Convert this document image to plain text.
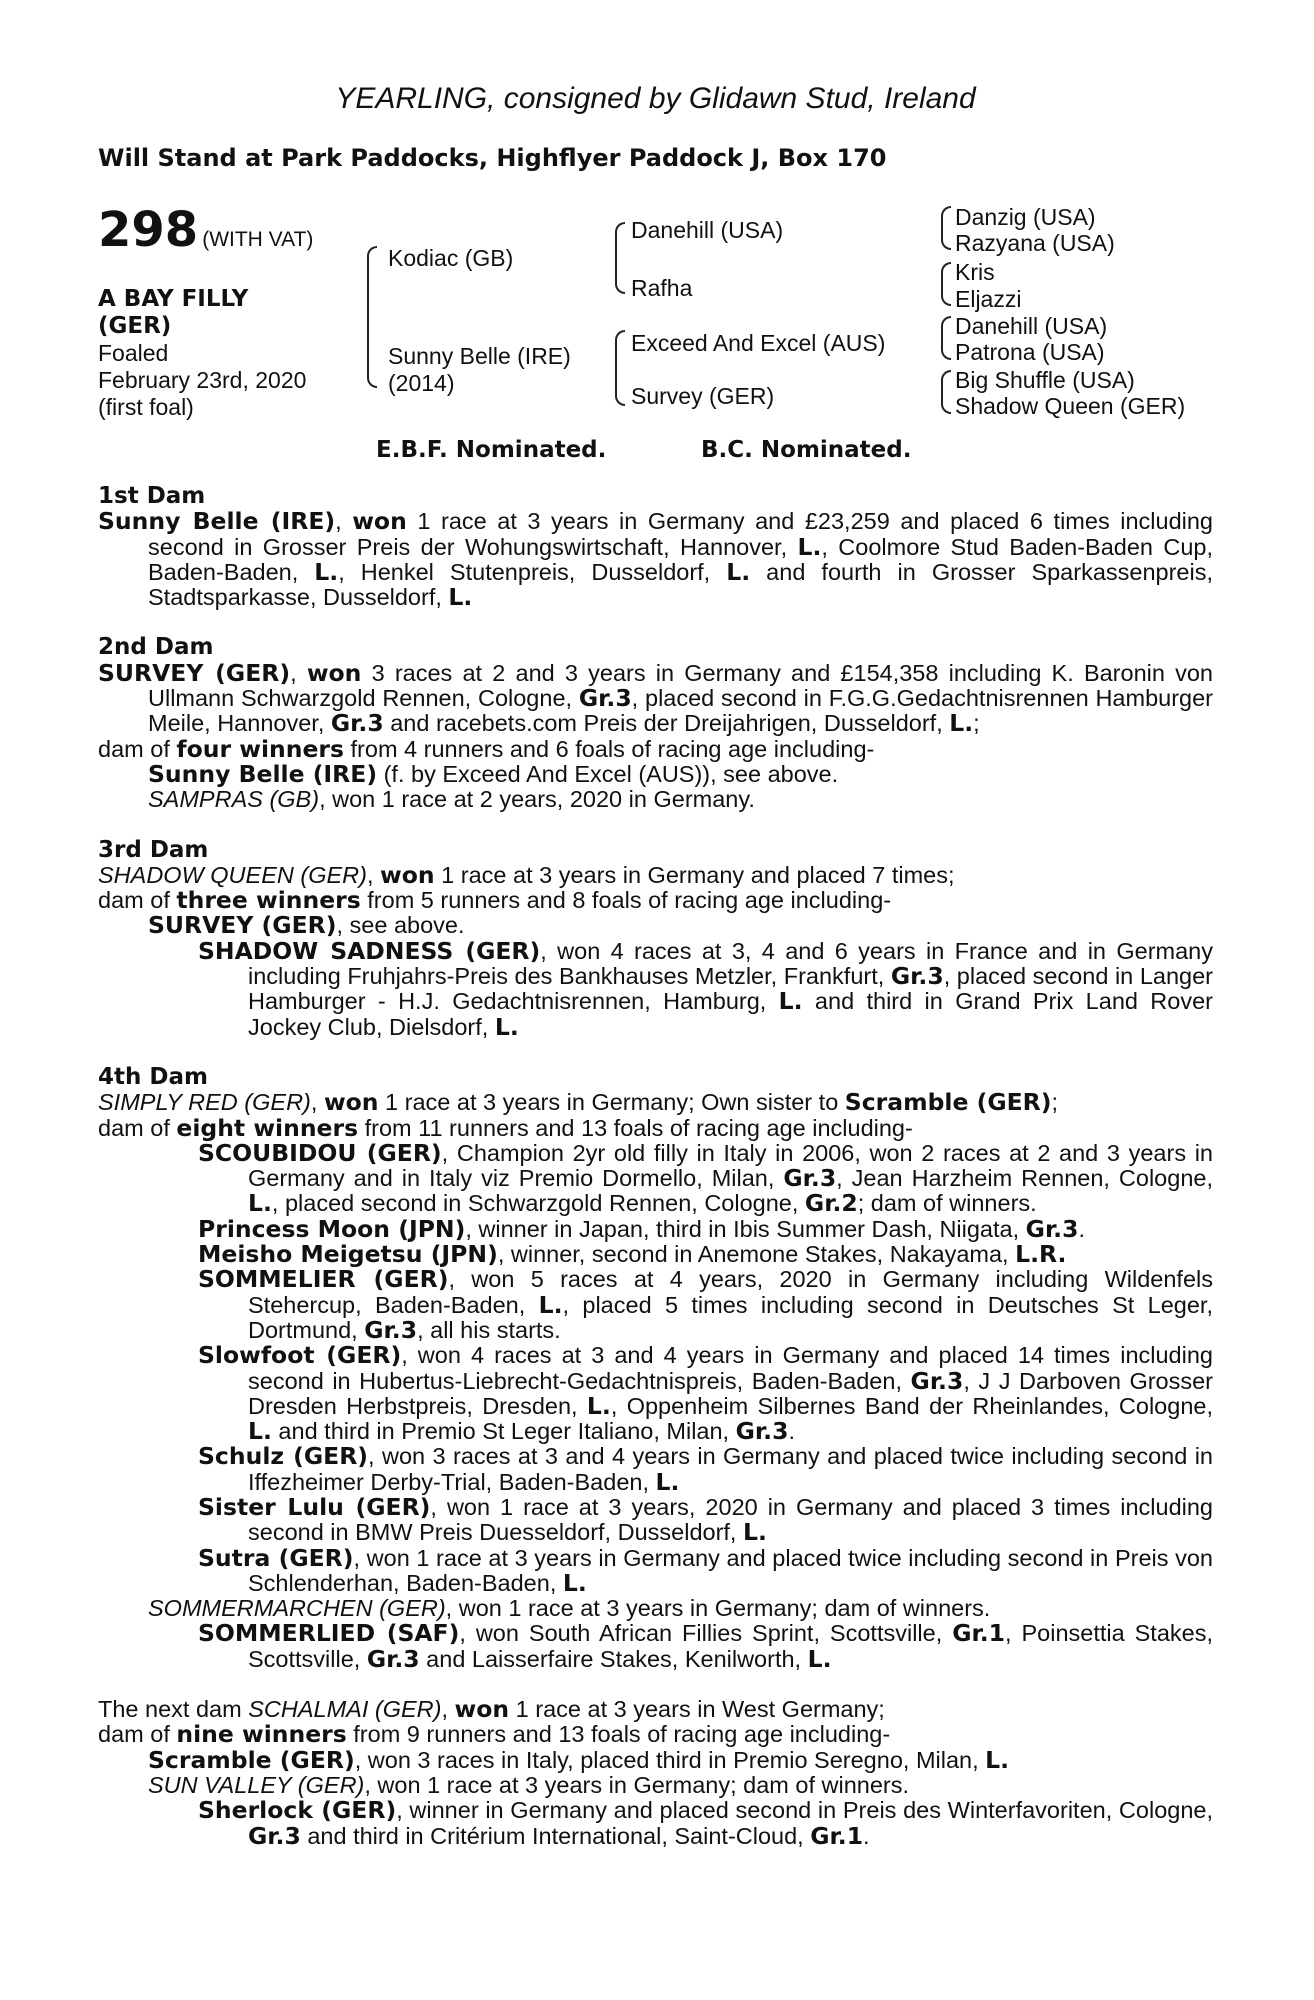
YEARLING, consigned by Glidawn Stud, Ireland
Will Stand at Park Paddocks, Highflyer Paddock J, Box 170
298 (WITH VAT)
A BAY FILLY
(GER)
Foaled
February 23rd, 2020
(first foal)
Kodiac (GB)
Sunny Belle (IRE)
(2014)
Danehill (USA)
Rafha
Exceed And Excel (AUS)
Survey (GER)
Danzig (USA)
Razyana (USA)
Kris
Eljazzi
Danehill (USA)
Patrona (USA)
Big Shuffle (USA)
Shadow Queen (GER)
E.B.F. Nominated.	B.C. Nominated.
1st Dam

Sunny Belle (IRE), won 1 race at 3 years in Germany and £23,259 and placed 6 times including second in Grosser Preis der Wohungswirtschaft, Hannover, L., Coolmore Stud Baden-Baden Cup, Baden-Baden, L., Henkel Stutenpreis, Dusseldorf, L. and fourth in Grosser Sparkassenpreis, Stadtsparkasse, Dusseldorf, L.

2nd Dam

SURVEY (GER), won 3 races at 2 and 3 years in Germany and £154,358 including K. Baronin von Ullmann Schwarzgold Rennen, Cologne, Gr.3, placed second in F.G.G.Gedachtnisrennen Hamburger Meile, Hannover, Gr.3 and racebets.com Preis der Dreijahrigen, Dusseldorf, L.;

dam of four winners from 4 runners and 6 foals of racing age including-

Sunny Belle (IRE) (f. by Exceed And Excel (AUS)), see above.

SAMPRAS (GB), won 1 race at 2 years, 2020 in Germany.

3rd Dam

SHADOW QUEEN (GER), won 1 race at 3 years in Germany and placed 7 times;

dam of three winners from 5 runners and 8 foals of racing age including-

SURVEY (GER), see above.

SHADOW SADNESS (GER), won 4 races at 3, 4 and 6 years in France and in Germany including Fruhjahrs-Preis des Bankhauses Metzler, Frankfurt, Gr.3, placed second in Langer Hamburger - H.J. Gedachtnisrennen, Hamburg, L. and third in Grand Prix Land Rover Jockey Club, Dielsdorf, L.

4th Dam

SIMPLY RED (GER), won 1 race at 3 years in Germany; Own sister to Scramble (GER);

dam of eight winners from 11 runners and 13 foals of racing age including-

SCOUBIDOU (GER), Champion 2yr old filly in Italy in 2006, won 2 races at 2 and 3 years in Germany and in Italy viz Premio Dormello, Milan, Gr.3, Jean Harzheim Rennen, Cologne, L., placed second in Schwarzgold Rennen, Cologne, Gr.2; dam of winners.

Princess Moon (JPN), winner in Japan, third in Ibis Summer Dash, Niigata, Gr.3.

Meisho Meigetsu (JPN), winner, second in Anemone Stakes, Nakayama, L.R.

SOMMELIER (GER), won 5 races at 4 years, 2020 in Germany including Wildenfels Stehercup, Baden-Baden, L., placed 5 times including second in Deutsches St Leger, Dortmund, Gr.3, all his starts.

Slowfoot (GER), won 4 races at 3 and 4 years in Germany and placed 14 times including second in Hubertus-Liebrecht-Gedachtnispreis, Baden-Baden, Gr.3, J J Darboven Grosser Dresden Herbstpreis, Dresden, L., Oppenheim Silbernes Band der Rheinlandes, Cologne, L. and third in Premio St Leger Italiano, Milan, Gr.3.

Schulz (GER), won 3 races at 3 and 4 years in Germany and placed twice including second in Iffezheimer Derby-Trial, Baden-Baden, L.

Sister Lulu (GER), won 1 race at 3 years, 2020 in Germany and placed 3 times including second in BMW Preis Duesseldorf, Dusseldorf, L.

Sutra (GER), won 1 race at 3 years in Germany and placed twice including second in Preis von Schlenderhan, Baden-Baden, L.

SOMMERMARCHEN (GER), won 1 race at 3 years in Germany; dam of winners.

SOMMERLIED (SAF), won South African Fillies Sprint, Scottsville, Gr.1, Poinsettia Stakes, Scottsville, Gr.3 and Laisserfaire Stakes, Kenilworth, L.

The next dam SCHALMAI (GER), won 1 race at 3 years in West Germany;

dam of nine winners from 9 runners and 13 foals of racing age including-

Scramble (GER), won 3 races in Italy, placed third in Premio Seregno, Milan, L.

SUN VALLEY (GER), won 1 race at 3 years in Germany; dam of winners.

Sherlock (GER), winner in Germany and placed second in Preis des Winterfavoriten, Cologne, Gr.3 and third in Critérium International, Saint-Cloud, Gr.1.
